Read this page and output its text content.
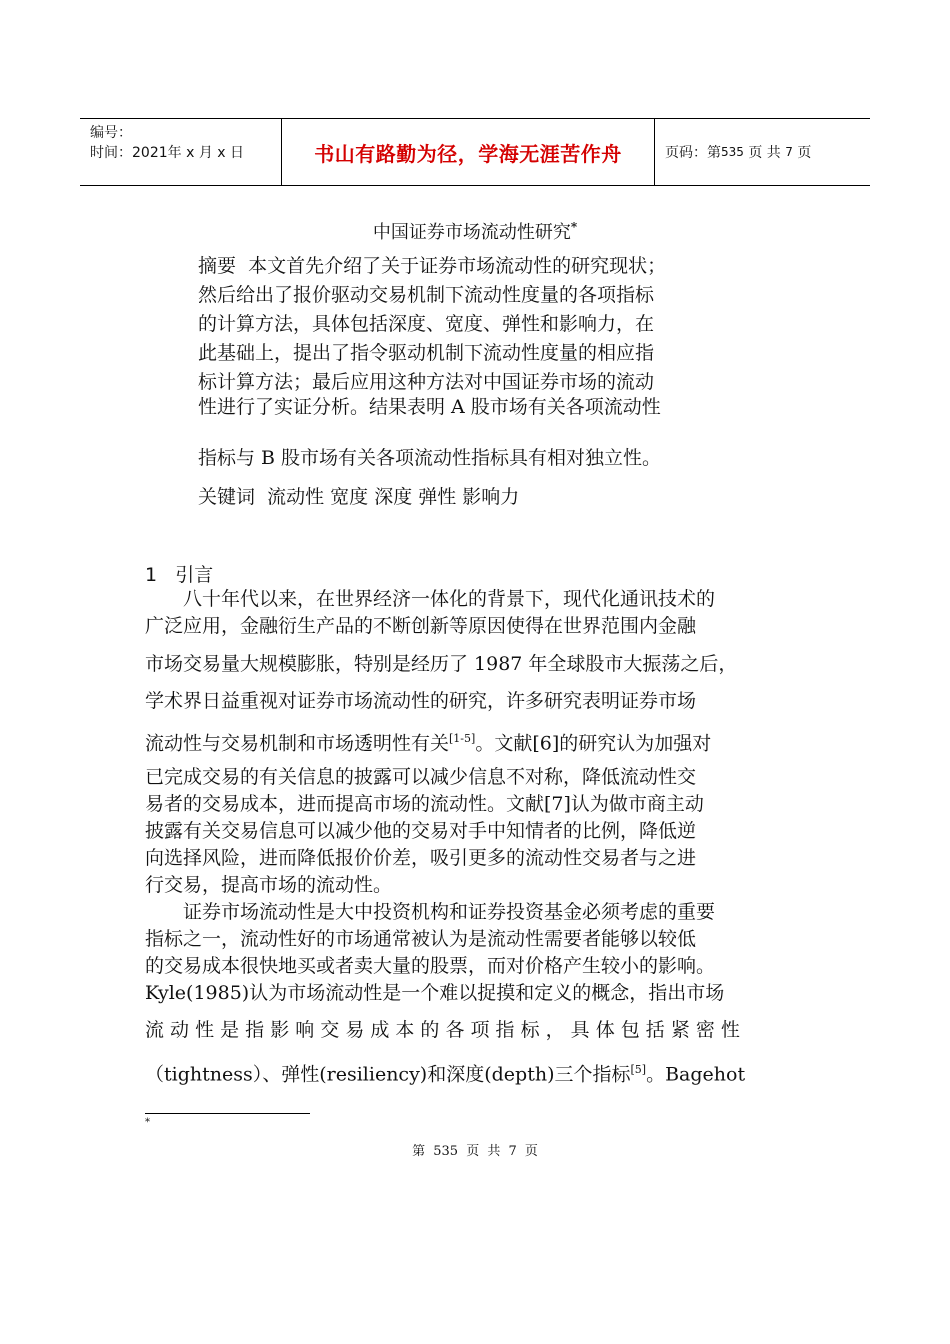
编号：
时间：2021年 x 月 x 日	书山有路勤为径，学海无涯苦作舟	页码：第 535
页 共
7
页
中国证券市场流动性研究*
摘要 本文首先介绍了关于证券市场流动性的研究现状；
然后给出了报价驱动交易机制下流动性度量的各项指标
的计算方法，具体包括深度、宽度、弹性和影响力，在
此基础上，提出了指令驱动机制下流动性度量的相应指
标计算方法；最后应用这种方法对中国证券市场的流动
性进行了实证分析。结果表明 A 股市场有关各项流动性
指标与 B 股市场有关各项流动性指标具有相对独立性。
关键词 流动性 宽度 深度 弹性 影响力
1 引言
　　八十年代以来，在世界经济一体化的背景下，现代化通讯技术的
广泛应用，金融衍生产品的不断创新等原因使得在世界范围内金融
市场交易量大规模膨胀，特别是经历了 1987 年全球股市大振荡之后，
学术界日益重视对证券市场流动性的研究，许多研究表明证券市场
流动性与交易机制和市场透明性有关[1-5]。文献[6]的研究认为加强对
已完成交易的有关信息的披露可以减少信息不对称，降低流动性交
易者的交易成本，进而提高市场的流动性。文献[7]认为做市商主动
披露有关交易信息可以减少他的交易对手中知情者的比例，降低逆
向选择风险，进而降低报价价差，吸引更多的流动性交易者与之进
行交易，提高市场的流动性。
　　证券市场流动性是大中投资机构和证券投资基金必须考虑的重要
指标之一，流动性好的市场通常被认为是流动性需要者能够以较低
的交易成本很快地买或者卖大量的股票，而对价格产生较小的影响。
Kyle(1985)认为市场流动性是一个难以捉摸和定义的概念，指出市场
流 动 性 是 指 影 响 交 易 成 本 的 各 项 指 标 ， 具 体 包 括 紧 密 性
（tightness）、弹性(resiliency)和深度(depth)三个指标[5]。Bagehot
*
第 535 页 共 7 页
